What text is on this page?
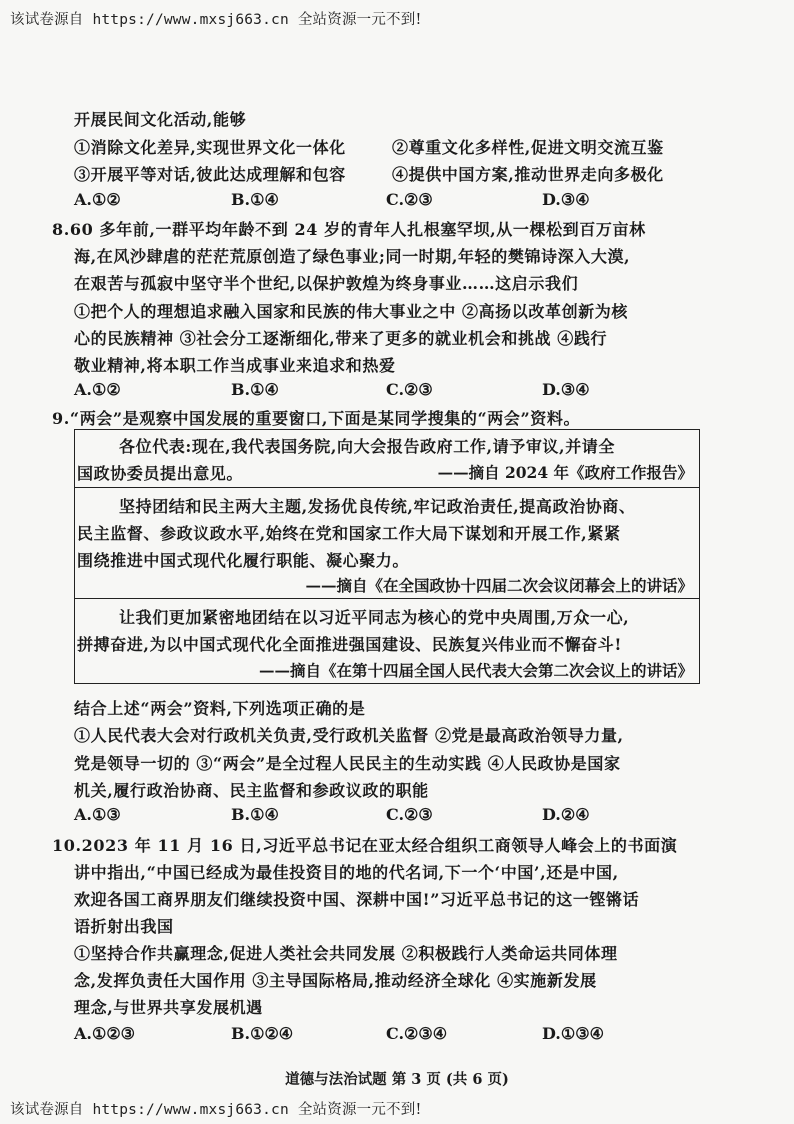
该试卷源自 https://www.mxsj663.cn 全站资源一元不到!
开展民间文化活动,能够
①消除文化差异,实现世界文化一体化	②尊重文化多样性,促进文明交流互鉴
③开展平等对话,彼此达成理解和包容	④提供中国方案,推动世界走向多极化
A.①②	B.①④	C.②③	D.③④
8.60 多年前,一群平均年龄不到 24 岁的青年人扎根塞罕坝,从一棵松到百万亩林
海,在风沙肆虐的茫茫荒原创造了绿色事业;同一时期,年轻的樊锦诗深入大漠,
在艰苦与孤寂中坚守半个世纪,以保护敦煌为终身事业……这启示我们
①把个人的理想追求融入国家和民族的伟大事业之中 ②高扬以改革创新为核
心的民族精神 ③社会分工逐渐细化,带来了更多的就业机会和挑战 ④践行
敬业精神,将本职工作当成事业来追求和热爱
A.①②	B.①④	C.②③	D.③④
9.“两会”是观察中国发展的重要窗口,下面是某同学搜集的“两会”资料。
各位代表:现在,我代表国务院,向大会报告政府工作,请予审议,并请全
国政协委员提出意见。	——摘自 2024 年《政府工作报告》
坚持团结和民主两大主题,发扬优良传统,牢记政治责任,提高政治协商、
民主监督、参政议政水平,始终在党和国家工作大局下谋划和开展工作,紧紧
围绕推进中国式现代化履行职能、凝心聚力。
——摘自《在全国政协十四届二次会议闭幕会上的讲话》
让我们更加紧密地团结在以习近平同志为核心的党中央周围,万众一心,
拼搏奋进,为以中国式现代化全面推进强国建设、民族复兴伟业而不懈奋斗!
——摘自《在第十四届全国人民代表大会第二次会议上的讲话》
结合上述“两会”资料,下列选项正确的是
①人民代表大会对行政机关负责,受行政机关监督 ②党是最高政治领导力量,
党是领导一切的 ③“两会”是全过程人民民主的生动实践 ④人民政协是国家
机关,履行政治协商、民主监督和参政议政的职能
A.①③	B.①④	C.②③	D.②④
10.2023 年 11 月 16 日,习近平总书记在亚太经合组织工商领导人峰会上的书面演
讲中指出,“中国已经成为最佳投资目的地的代名词,下一个‘中国’,还是中国,
欢迎各国工商界朋友们继续投资中国、深耕中国!”习近平总书记的这一铿锵话
语折射出我国
①坚持合作共赢理念,促进人类社会共同发展 ②积极践行人类命运共同体理
念,发挥负责任大国作用 ③主导国际格局,推动经济全球化 ④实施新发展
理念,与世界共享发展机遇
A.①②③	B.①②④	C.②③④	D.①③④
道德与法治试题 第 3 页 (共 6 页)
该试卷源自 https://www.mxsj663.cn 全站资源一元不到!
